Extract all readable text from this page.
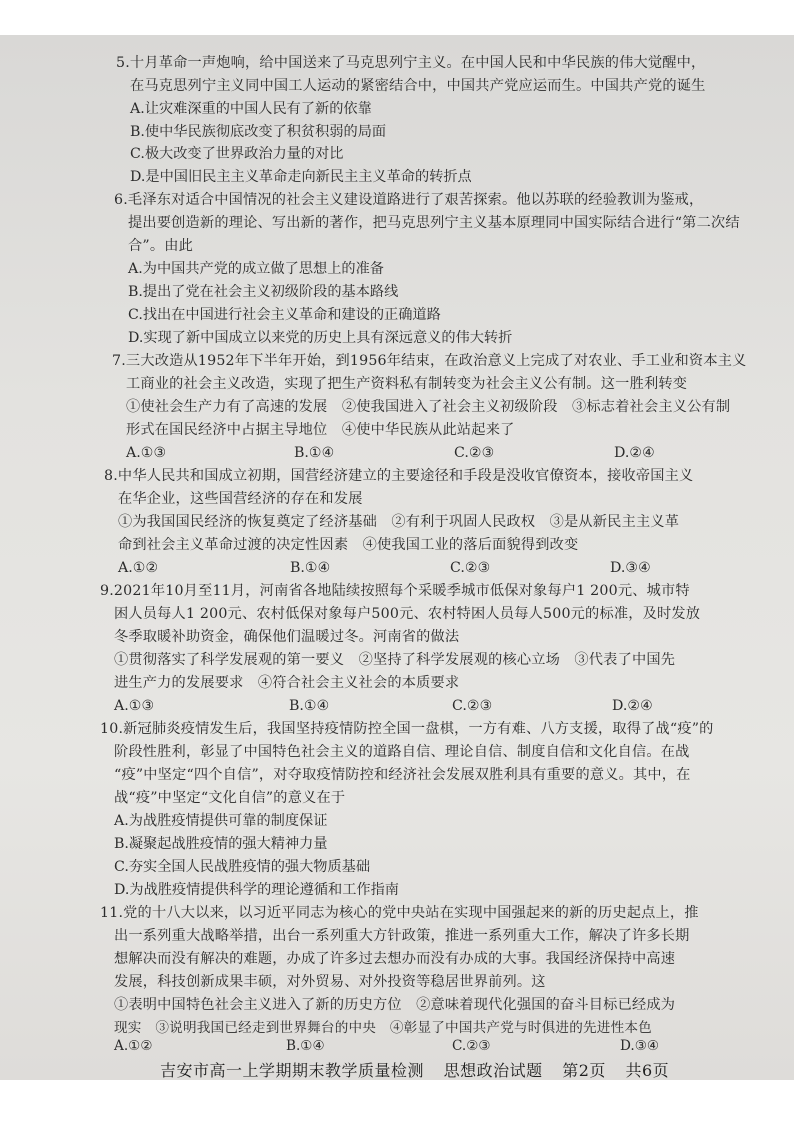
5.十月革命一声炮响，给中国送来了马克思列宁主义。在中国人民和中华民族的伟大觉醒中，
在马克思列宁主义同中国工人运动的紧密结合中，中国共产党应运而生。中国共产党的诞生
A.让灾难深重的中国人民有了新的依靠
B.使中华民族彻底改变了积贫积弱的局面
C.极大改变了世界政治力量的对比
D.是中国旧民主主义革命走向新民主主义革命的转折点
6.毛泽东对适合中国情况的社会主义建设道路进行了艰苦探索。他以苏联的经验教训为鉴戒，
提出要创造新的理论、写出新的著作，把马克思列宁主义基本原理同中国实际结合进行“第二次结
合”。由此
A.为中国共产党的成立做了思想上的准备
B.提出了党在社会主义初级阶段的基本路线
C.找出在中国进行社会主义革命和建设的正确道路
D.实现了新中国成立以来党的历史上具有深远意义的伟大转折
7.三大改造从1952年下半年开始，到1956年结束，在政治意义上完成了对农业、手工业和资本主义
工商业的社会主义改造，实现了把生产资料私有制转变为社会主义公有制。这一胜利转变
①使社会生产力有了高速的发展　②使我国进入了社会主义初级阶段　③标志着社会主义公有制
形式在国民经济中占据主导地位　④使中华民族从此站起来了
A.①③	B.①④	C.②③	D.②④
8.中华人民共和国成立初期，国营经济建立的主要途径和手段是没收官僚资本，接收帝国主义
在华企业，这些国营经济的存在和发展
①为我国国民经济的恢复奠定了经济基础　②有利于巩固人民政权　③是从新民主主义革
命到社会主义革命过渡的决定性因素　④使我国工业的落后面貌得到改变
A.①②	B.①④	C.②③	D.③④
9.2021年10月至11月，河南省各地陆续按照每个采暖季城市低保对象每户1 200元、城市特
困人员每人1 200元、农村低保对象每户500元、农村特困人员每人500元的标准，及时发放
冬季取暖补助资金，确保他们温暖过冬。河南省的做法
①贯彻落实了科学发展观的第一要义　②坚持了科学发展观的核心立场　③代表了中国先
进生产力的发展要求　④符合社会主义社会的本质要求
A.①③	B.①④	C.②③	D.②④
10.新冠肺炎疫情发生后，我国坚持疫情防控全国一盘棋，一方有难、八方支援，取得了战“疫”的
阶段性胜利，彰显了中国特色社会主义的道路自信、理论自信、制度自信和文化自信。在战
“疫”中坚定“四个自信”，对夺取疫情防控和经济社会发展双胜利具有重要的意义。其中，在
战“疫”中坚定“文化自信”的意义在于
A.为战胜疫情提供可靠的制度保证
B.凝聚起战胜疫情的强大精神力量
C.夯实全国人民战胜疫情的强大物质基础
D.为战胜疫情提供科学的理论遵循和工作指南
11.党的十八大以来，以习近平同志为核心的党中央站在实现中国强起来的新的历史起点上，推
出一系列重大战略举措，出台一系列重大方针政策，推进一系列重大工作，解决了许多长期
想解决而没有解决的难题，办成了许多过去想办而没有办成的大事。我国经济保持中高速
发展，科技创新成果丰硕，对外贸易、对外投资等稳居世界前列。这
①表明中国特色社会主义进入了新的历史方位　②意味着现代化强国的奋斗目标已经成为
现实　③说明我国已经走到世界舞台的中央　④彰显了中国共产党与时俱进的先进性本色
A.①②	B.①④	C.②③	D.③④
吉安市高一上学期期末教学质量检测 思想政治试题 第2页 共6页
